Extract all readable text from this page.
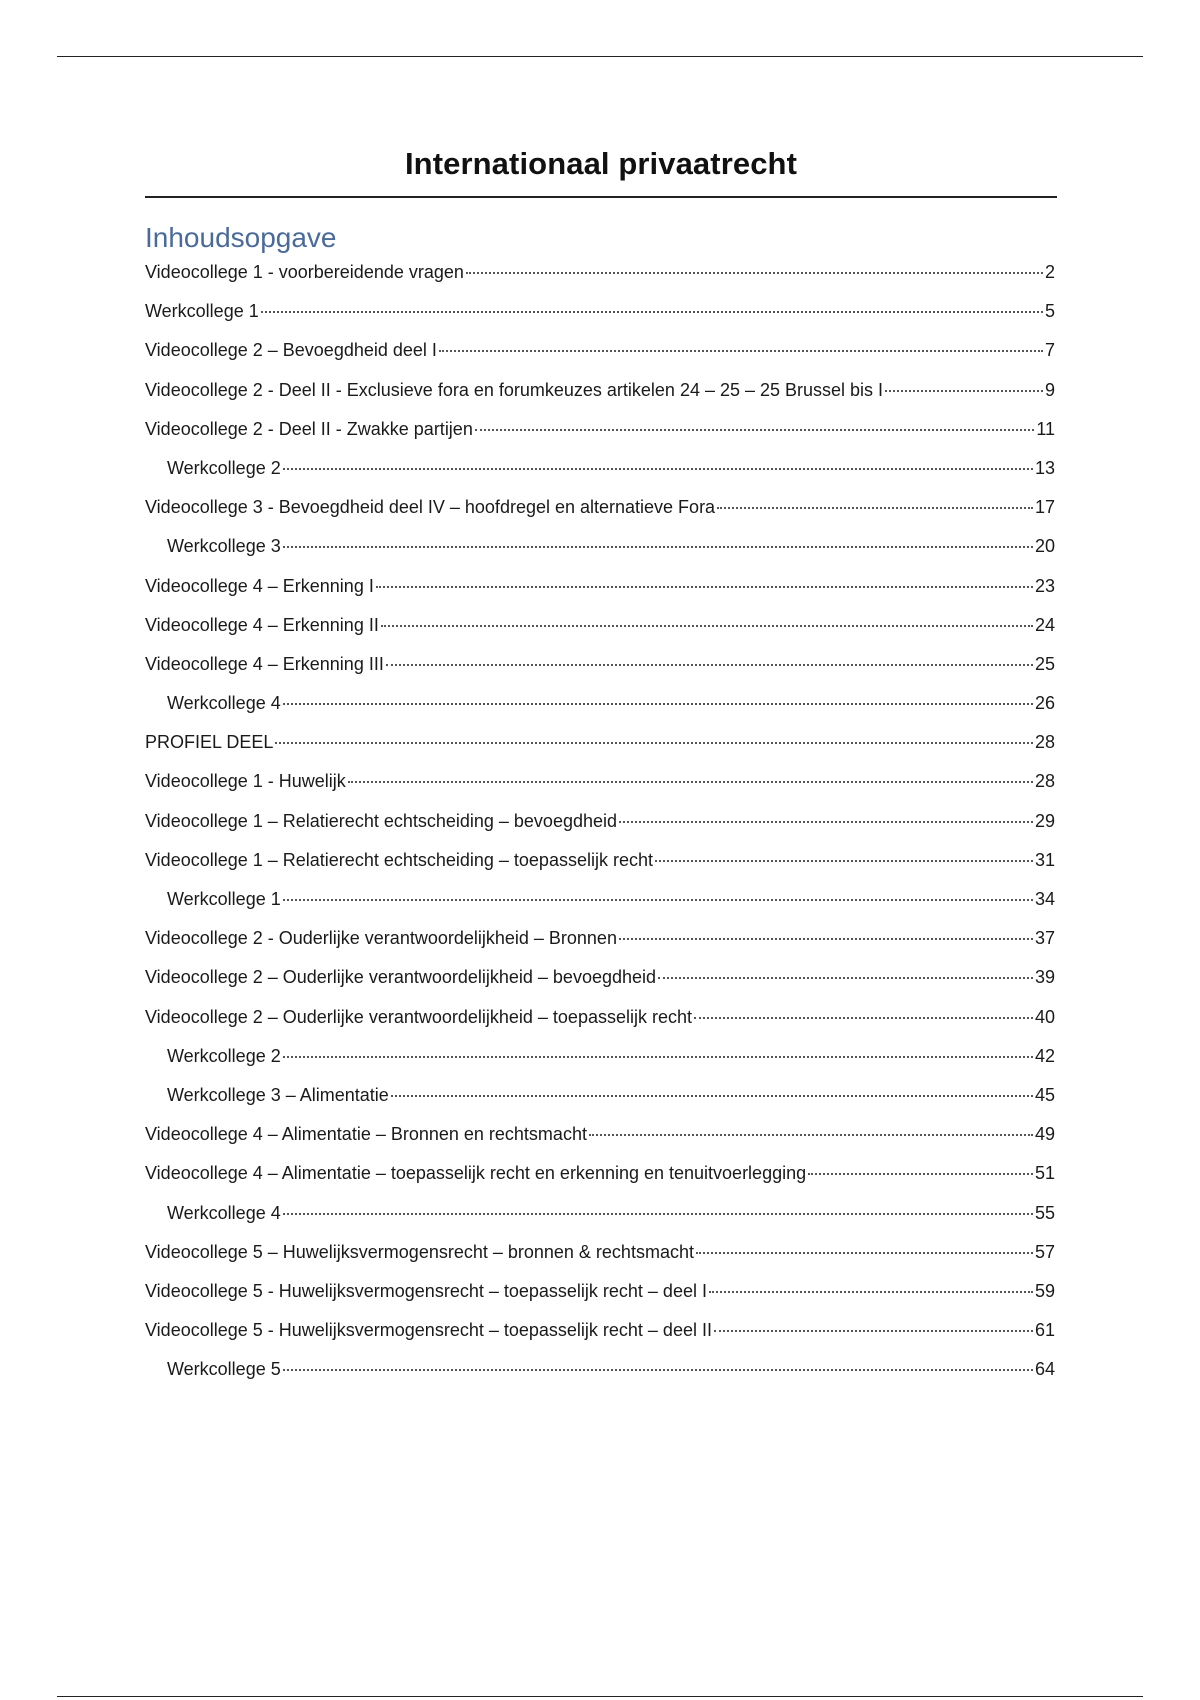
Internationaal privaatrecht
Inhoudsopgave
Videocollege 1 - voorbereidende vragen	2
Werkcollege 1	5
Videocollege 2 – Bevoegdheid deel I	7
Videocollege 2 - Deel II - Exclusieve fora en forumkeuzes artikelen 24 – 25 – 25 Brussel bis I	9
Videocollege 2 - Deel II - Zwakke partijen	11
Werkcollege 2	13
Videocollege 3 - Bevoegdheid deel IV – hoofdregel en alternatieve Fora	17
Werkcollege 3	20
Videocollege 4 – Erkenning I	23
Videocollege 4 – Erkenning II	24
Videocollege 4 – Erkenning III	25
Werkcollege 4	26
PROFIEL DEEL	28
Videocollege 1 - Huwelijk	28
Videocollege 1 – Relatierecht echtscheiding – bevoegdheid	29
Videocollege 1 – Relatierecht echtscheiding – toepasselijk recht	31
Werkcollege 1	34
Videocollege 2 - Ouderlijke verantwoordelijkheid – Bronnen	37
Videocollege 2 – Ouderlijke verantwoordelijkheid – bevoegdheid	39
Videocollege 2 – Ouderlijke verantwoordelijkheid – toepasselijk recht	40
Werkcollege 2	42
Werkcollege 3 – Alimentatie	45
Videocollege 4 – Alimentatie – Bronnen en rechtsmacht	49
Videocollege 4 – Alimentatie – toepasselijk recht en erkenning en tenuitvoerlegging	51
Werkcollege 4	55
Videocollege 5 – Huwelijksvermogensrecht – bronnen & rechtsmacht	57
Videocollege 5 - Huwelijksvermogensrecht – toepasselijk recht – deel I	59
Videocollege 5 - Huwelijksvermogensrecht – toepasselijk recht – deel II	61
Werkcollege 5	64
